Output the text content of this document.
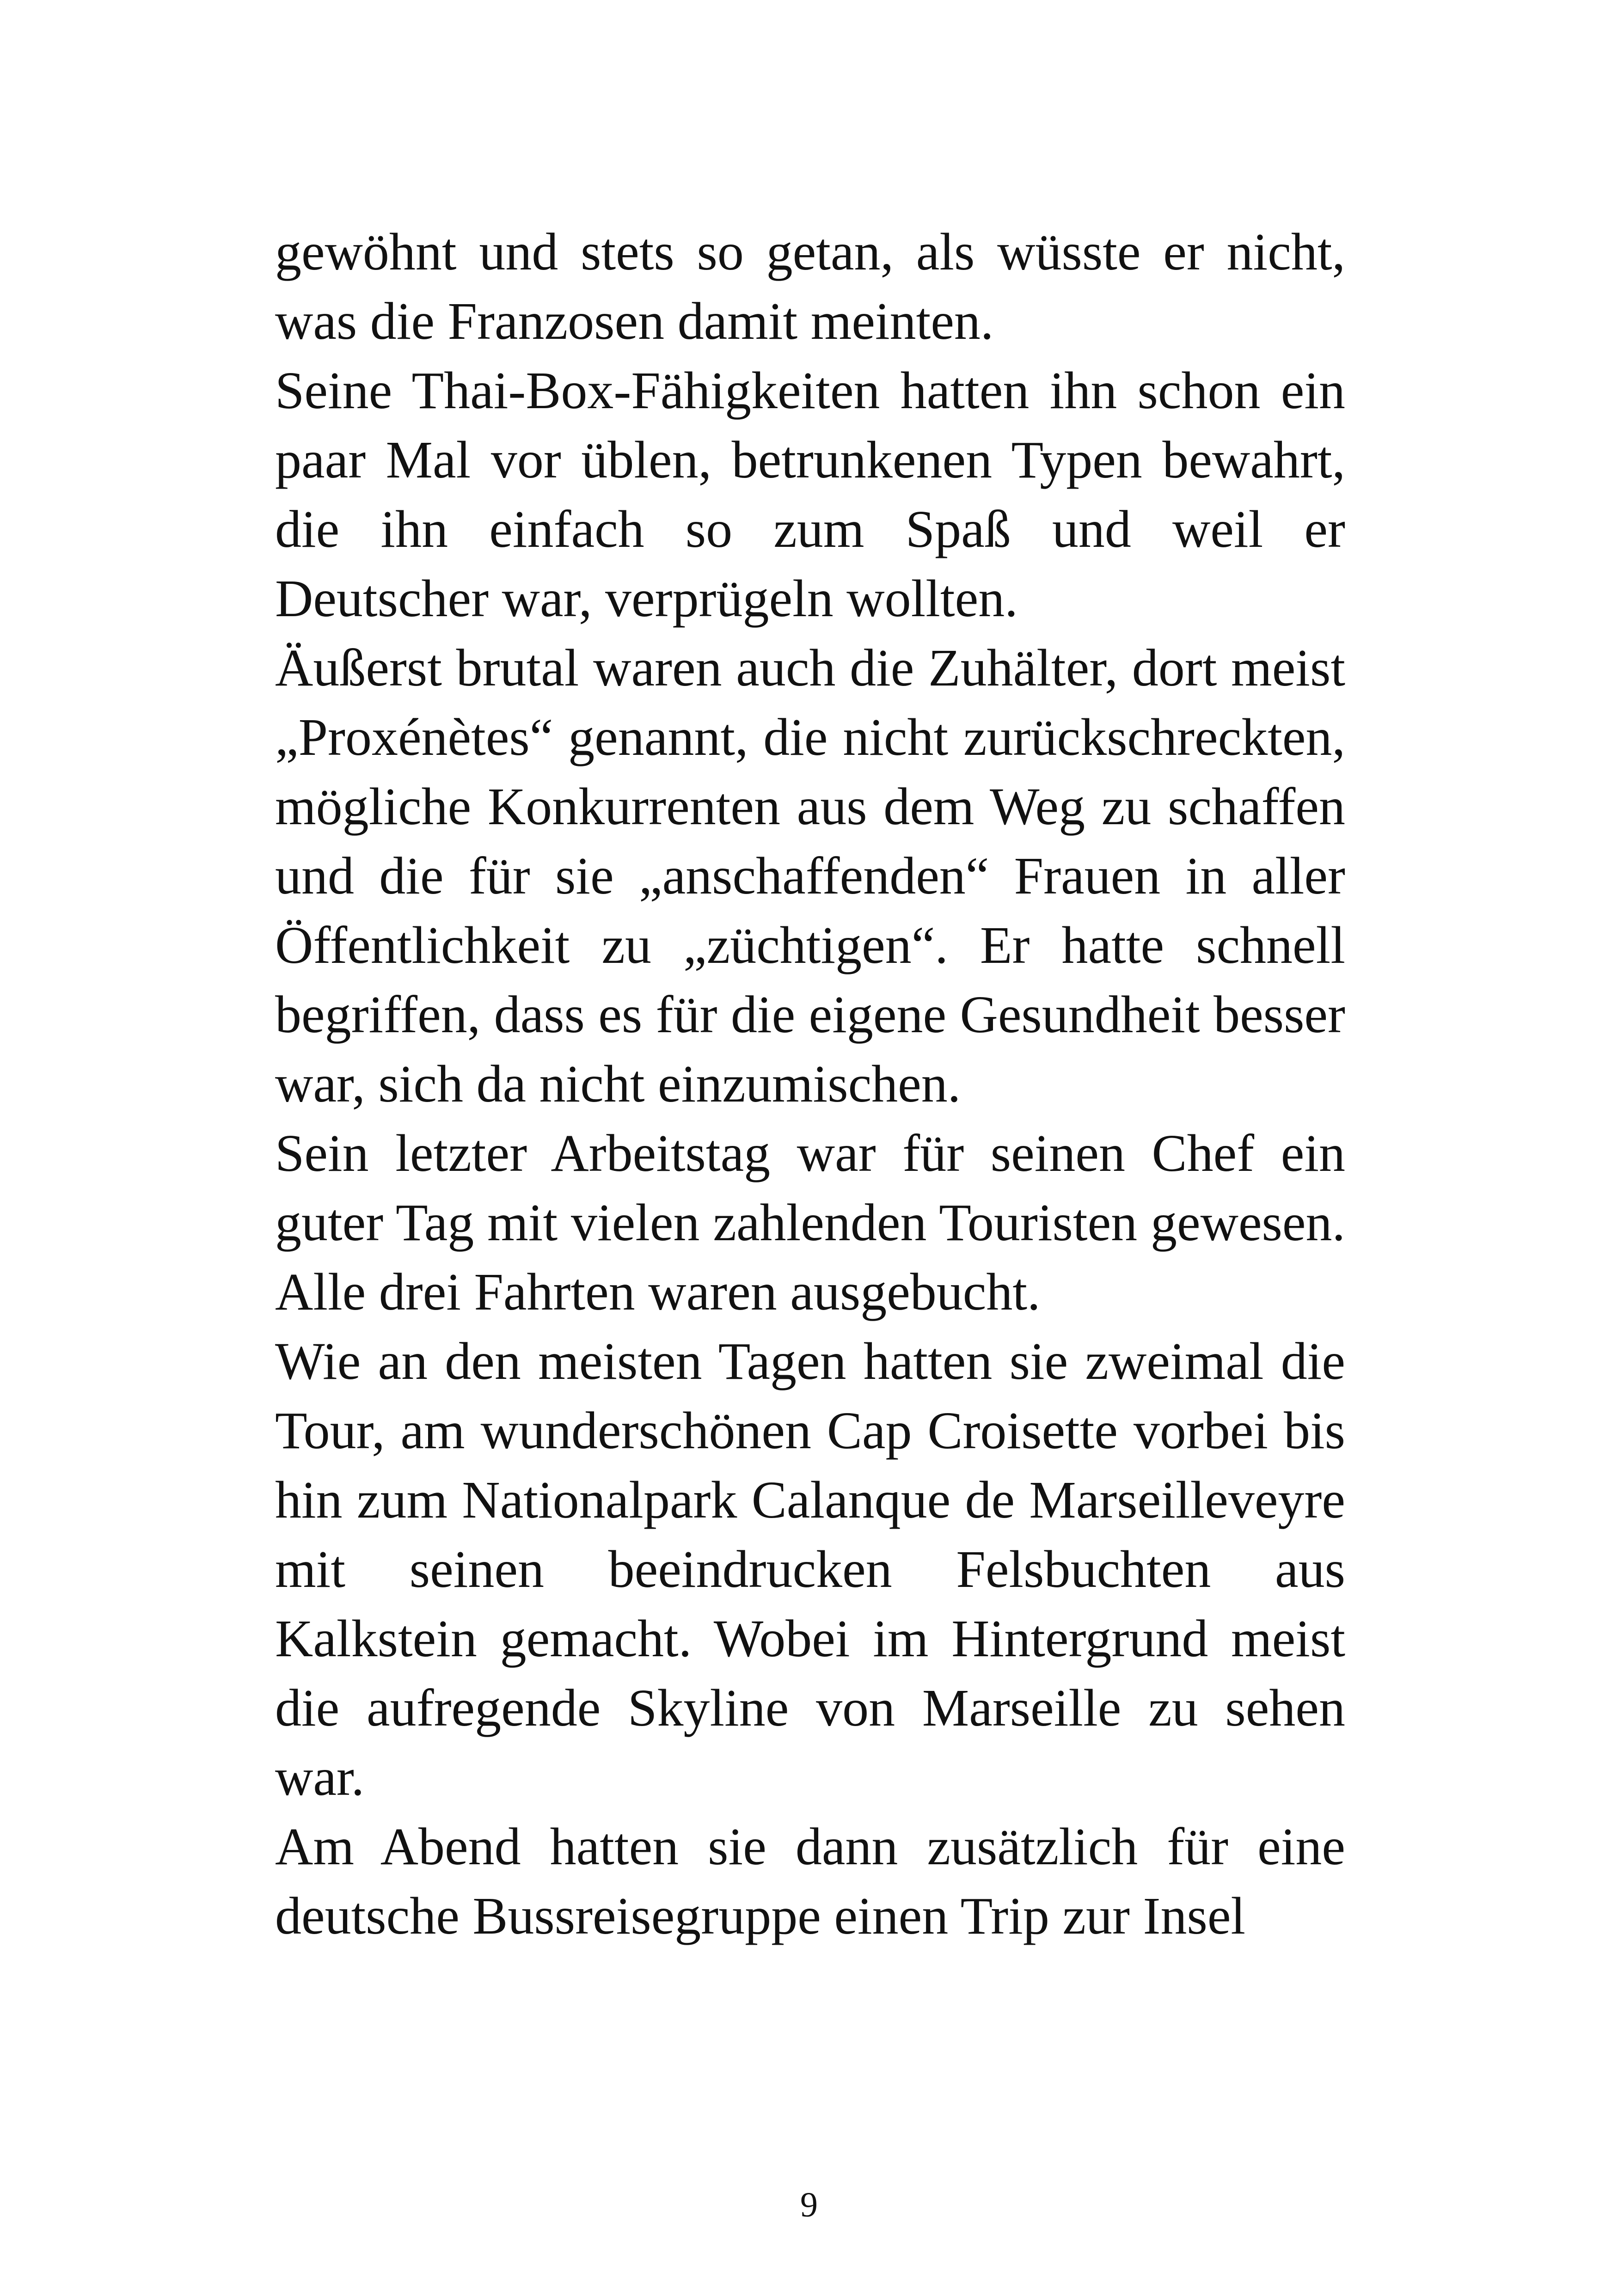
gewöhnt und stets so getan, als wüsste er nicht, was die Franzosen damit meinten.

Seine Thai-Box-Fähigkeiten hatten ihn schon ein paar Mal vor üblen, betrunkenen Typen bewahrt, die ihn einfach so zum Spaß und weil er Deutscher war, verprügeln wollten.

Äußerst brutal waren auch die Zuhälter, dort meist „Proxénètes“ genannt, die nicht zurückschreckten, mögliche Konkurrenten aus dem Weg zu schaffen und die für sie „anschaffenden“ Frauen in aller Öffentlichkeit zu „züchtigen“. Er hatte schnell begriffen, dass es für die eigene Gesundheit besser war, sich da nicht einzumischen.

Sein letzter Arbeitstag war für seinen Chef ein guter Tag mit vielen zahlenden Touristen gewesen. Alle drei Fahrten waren ausgebucht.

Wie an den meisten Tagen hatten sie zweimal die Tour, am wunderschönen Cap Croisette vorbei bis hin zum Nationalpark Calanque de Marseilleveyre mit seinen beeindrucken Felsbuchten aus Kalkstein gemacht. Wobei im Hintergrund meist die aufregende Skyline von Marseille zu sehen war.

Am Abend hatten sie dann zusätzlich für eine deutsche Bussreisegruppe einen Trip zur Insel

9
